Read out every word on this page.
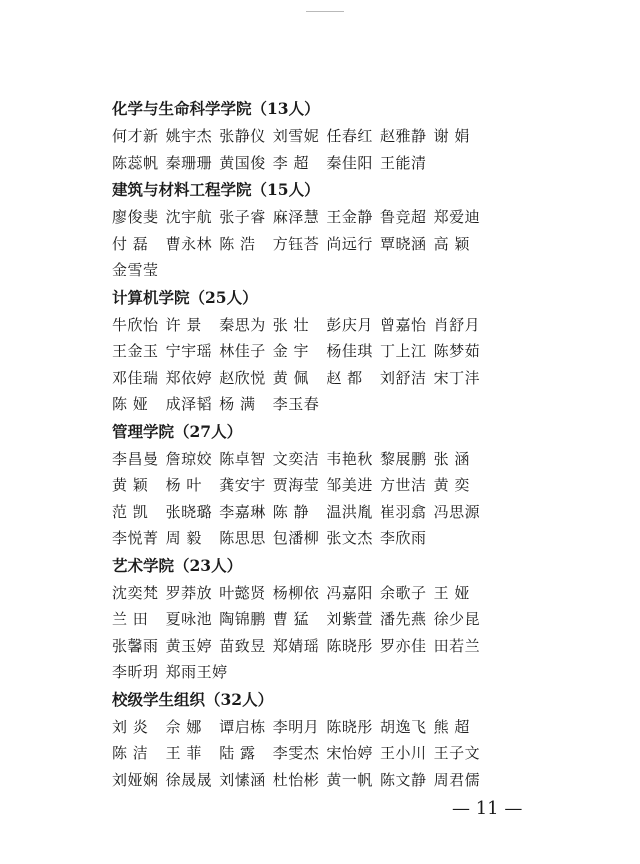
化学与生命科学学院（13人）
何才新 姚宇杰 张静仪 刘雪妮 任春红 赵雅静 谢 娟
陈蕊帆 秦珊珊 黄国俊 李 超	秦佳阳 王能清
建筑与材料工程学院（15人）
廖俊斐 沈宇航 张子睿 麻泽慧 王金静 鲁竞超 郑爱迪
付 磊	曹永林 陈 浩	方钰荅 尚远行 覃晓涵 高 颖
金雪莹
计算机学院（25人）
牛欣怡 许 景	秦思为 张 壮	彭庆月 曾嘉怡 肖舒月
王金玉 宁宇瑶 林佳子 金 宇	杨佳琪 丁上江 陈梦茹
邓佳瑞 郑依婷 赵欣悦 黄 佩	赵 都	刘舒洁 宋丁沣
陈 娅	成泽韬 杨 满	李玉春
管理学院（27人）
李昌曼 詹琼姣 陈卓智 文奕洁 韦艳秋 黎展鹏 张 涵
黄 颖	杨 叶	龚安宇 贾海莹 邹美进 方世洁 黄 奕
范 凯	张晓璐 李嘉琳 陈 静	温洪胤 崔羽翕 冯思源
李悦菁 周 毅	陈思思 包潘柳 张文杰 李欣雨
艺术学院（23人）
沈奕梵 罗莽放 叶懿贤 杨柳依 冯嘉阳 余歌子 王 娅
兰 田	夏咏池 陶锦鹏 曹 猛	刘紫萱 潘先燕 徐少昆
张馨雨 黄玉婷 苗致昱 郑婧瑶 陈晓彤 罗亦佳 田若兰
李昕玥 郑雨王婷
校级学生组织（32人）
刘 炎	佘 娜	谭启栋 李明月 陈晓彤 胡逸飞 熊 超
陈 洁	王 菲	陆 露	李雯杰 宋怡婷 王小川 王子文
刘娅娴 徐晟晟 刘愫涵 杜怡彬 黄一帆 陈文静 周君儒
— 11 —
